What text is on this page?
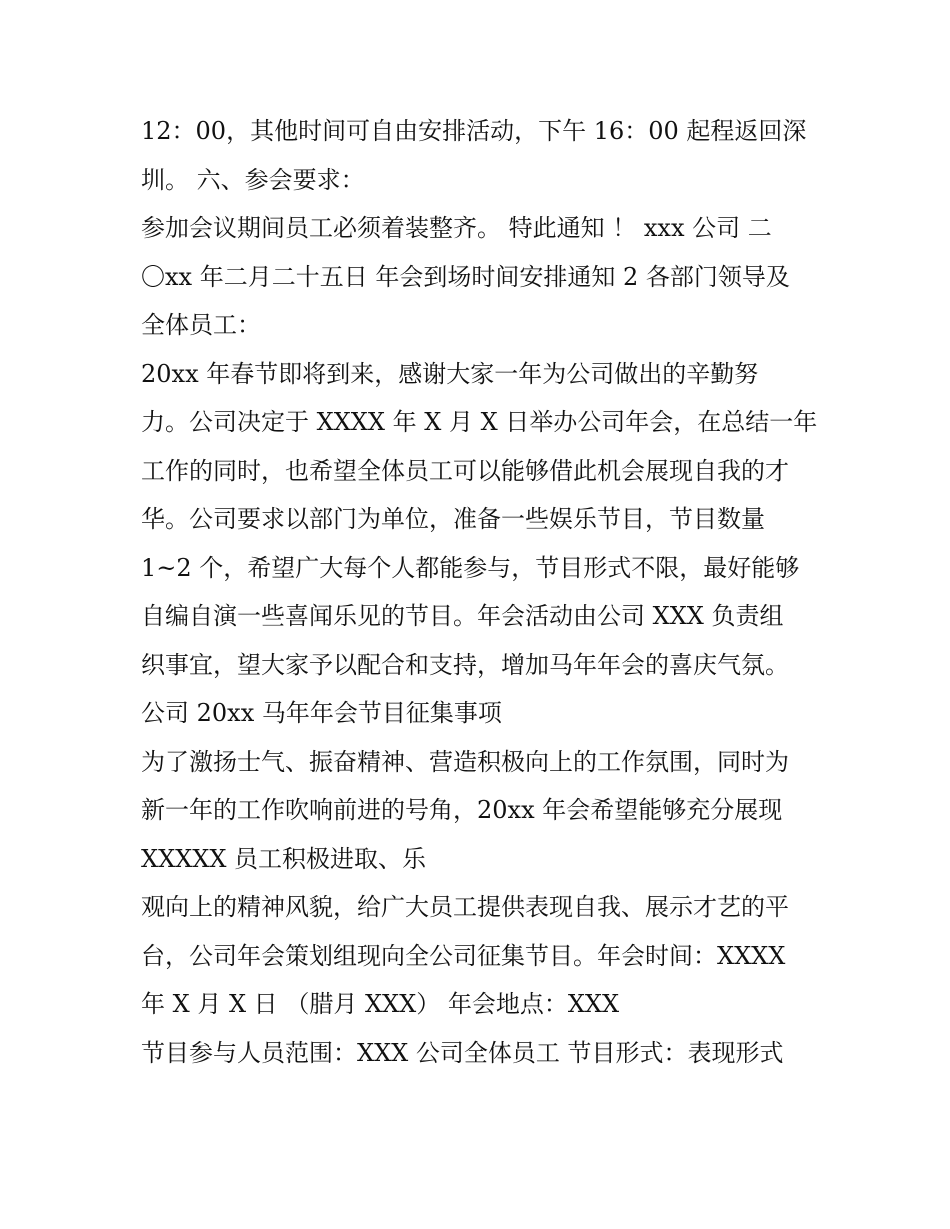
12：00，其他时间可自由安排活动，下午 16：00 起程返回深
圳。 六、参会要求：
参加会议期间员工必须着装整齐。 特此通知 ！ xxx 公司 二
〇xx 年二月二十五日 年会到场时间安排通知 2 各部门领导及
全体员工：
20xx 年春节即将到来，感谢大家一年为公司做出的辛勤努
力。公司决定于 XXXX 年 X 月 X 日举办公司年会，在总结一年
工作的同时，也希望全体员工可以能够借此机会展现自我的才
华。公司要求以部门为单位，准备一些娱乐节目，节目数量
1~2 个，希望广大每个人都能参与，节目形式不限，最好能够
自编自演一些喜闻乐见的节目。年会活动由公司 XXX 负责组
织事宜，望大家予以配合和支持，增加马年年会的喜庆气氛。
公司 20xx 马年年会节目征集事项
为了激扬士气、振奋精神、营造积极向上的工作氛围，同时为
新一年的工作吹响前进的号角，20xx 年会希望能够充分展现
XXXXX 员工积极进取、乐
观向上的精神风貌，给广大员工提供表现自我、展示才艺的平
台，公司年会策划组现向全公司征集节目。年会时间：XXXX
年 X 月 X 日 （腊月 XXX） 年会地点：XXX
节目参与人员范围：XXX 公司全体员工 节目形式：表现形式
